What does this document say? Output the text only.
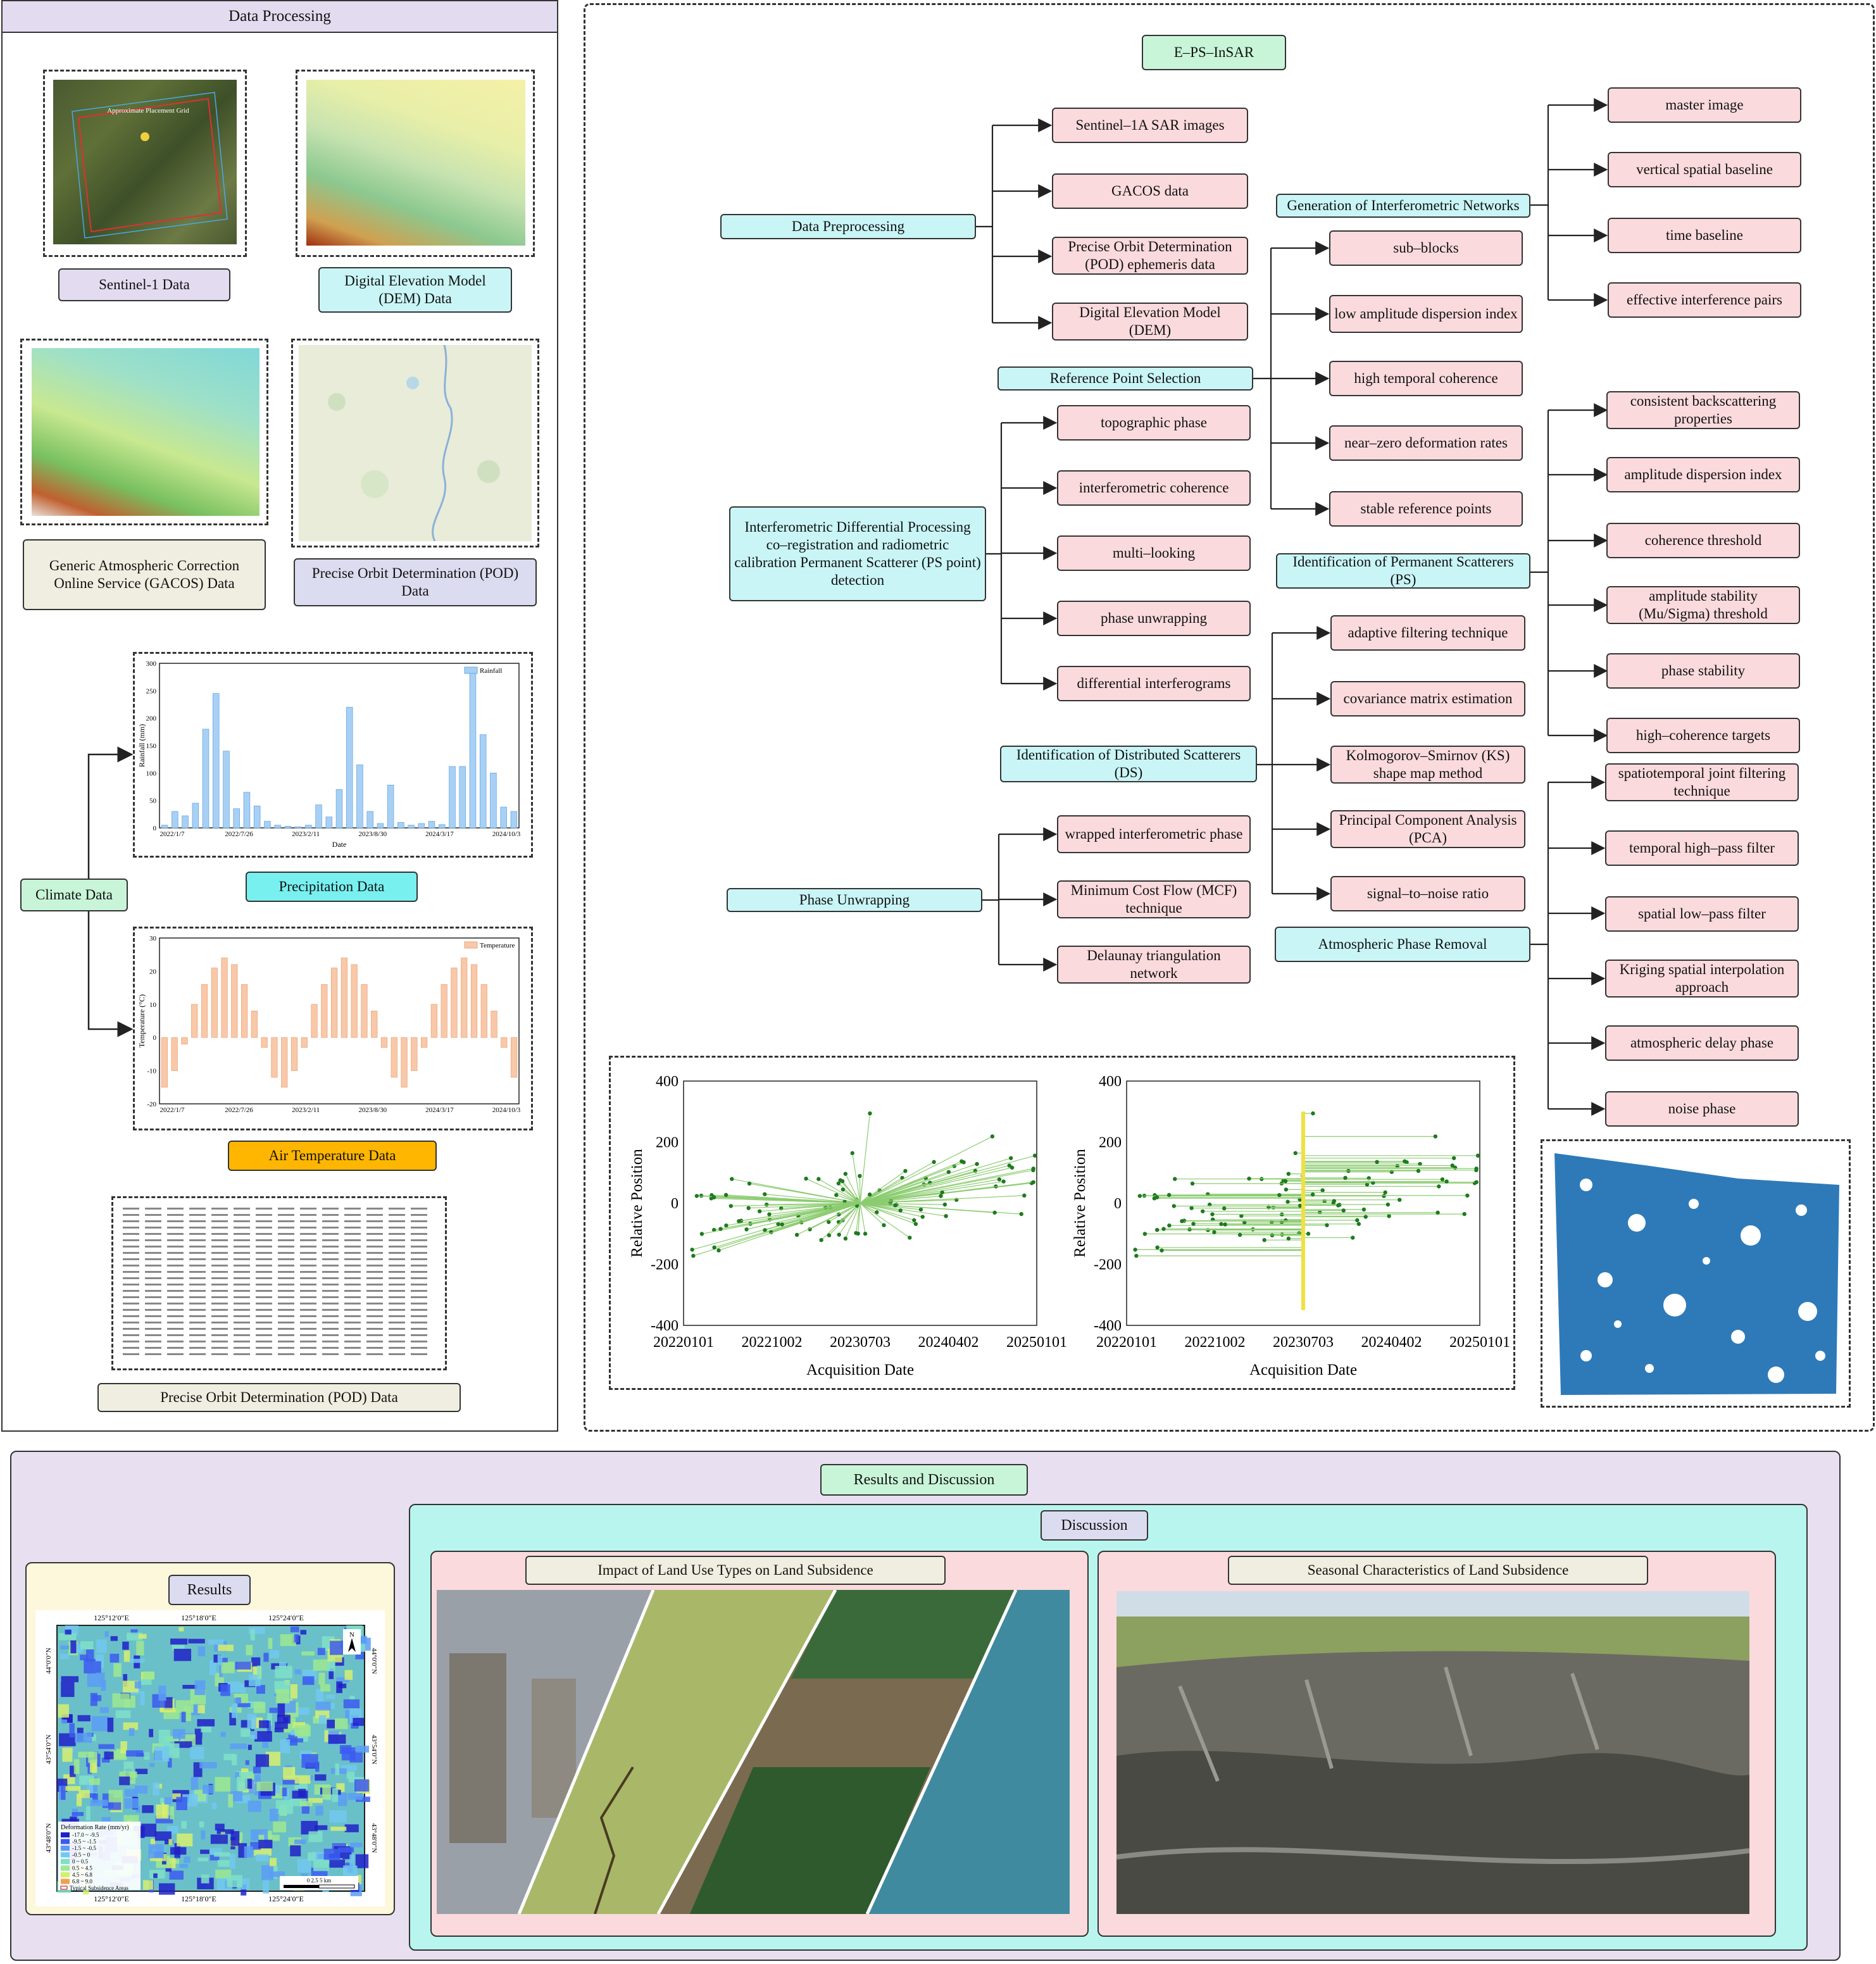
Data Processing
Approximate Placement Grid
Sentinel-1 Data	Digital Elevation Model (DEM) Data
Generic Atmospheric Correction Online Service (GACOS) Data
Precise Orbit Determination (POD) Data
Climate Data
0
50
100
150
200
250
300
2022/1/7	2022/7/26	2023/2/11	2023/8/30	2024/3/17	2024/10/3
Date
Rainfall (mm)
Rainfall
Precipitation Data
-20
-10
0
10
20
30
2022/1/7	2022/7/26	2023/2/11	2023/8/30	2024/3/17	2024/10/3
Temperature (°C)
Temperature
Air Temperature Data
Precise Orbit Determination (POD) Data
E–PS–InSAR
Data Preprocessing
Sentinel–1A SAR images
GACOS data
Precise Orbit Determination (POD) ephemeris data
Digital Elevation Model (DEM)
Generation of Interferometric Networks
master image
vertical spatial baseline
time baseline
effective interference pairs
Reference Point Selection
sub–blocks
low amplitude dispersion index
high temporal coherence
near–zero deformation rates
stable reference points
Interferometric Differential Processing co–registration and radiometric calibration Permanent Scatterer (PS point) detection
topographic phase
interferometric coherence
multi–looking
phase unwrapping
differential interferograms
Identification of Permanent Scatterers (PS)
consistent backscattering properties
amplitude dispersion index
coherence threshold
amplitude stability (Mu/Sigma) threshold
phase stability
high–coherence targets
Identification of Distributed Scatterers (DS)
adaptive filtering technique
covariance matrix estimation
Kolmogorov–Smirnov (KS) shape map method
Principal Component Analysis (PCA)
signal–to–noise ratio
Phase Unwrapping
wrapped interferometric phase
Minimum Cost Flow (MCF) technique
Delaunay triangulation network
Atmospheric Phase Removal
spatiotemporal joint filtering technique
temporal high–pass filter
spatial low–pass filter
Kriging spatial interpolation approach
atmospheric delay phase
noise phase
400
200
0
-200
-400
20220101 20221002 20230703 20240402 20250101
Acquisition Date
Relative Position
400
200
0
-200
-400
20220101 20221002 20230703 20240402 20250101
Acquisition Date
Relative Position
Results and Discussion
Results
125°12′0″E
125°12′0″E
125°18′0″E
125°18′0″E
125°24′0″E
125°24′0″E
44°0′0″N	44°0′0″N
43°54′0″N	43°54′0″N
43°48′0″N	43°48′0″N
Deformation Rate (mm/yr)
-17.0 ~ -9.5
-9.5 ~ -1.5
-1.5 ~ -0.5
-0.5 ~ 0
0 ~ 0.5
0.5 ~ 4.5
4.5 ~ 6.8
6.8 ~ 9.0
Typical Subsidence Areas
0 2.5 5 km
N
Discussion
Impact of Land Use Types on Land Subsidence	Seasonal Characteristics of Land Subsidence
